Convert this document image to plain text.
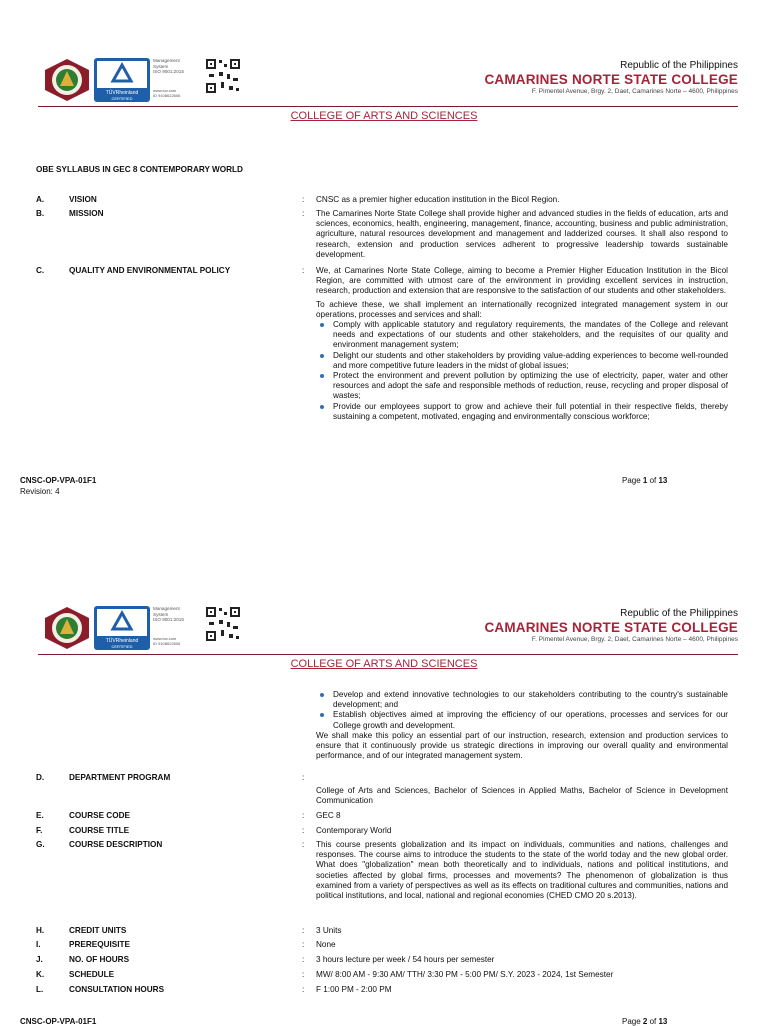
TÜVRheinland
CERTIFIED
Management
System
ISO 9001:2015
www.tuv.com
ID 9108622606
Republic of the Philippines
CAMARINES NORTE STATE COLLEGE
F. Pimentel Avenue, Brgy. 2, Daet, Camarines Norte – 4600, Philippines
COLLEGE OF ARTS AND SCIENCES
OBE SYLLABUS IN GEC 8 CONTEMPORARY WORLD
A.	VISION	: CNSC as a premier higher education institution in the Bicol Region.
B.	MISSION	: The Camarines Norte State College shall provide higher and advanced studies in the fields of education, arts and sciences, economics, health, engineering, management, finance, accounting, business and public administration, agriculture, natural resources development and management and ladderized courses. It shall also respond to research, extension and production services adherent to progressive leadership towards sustainable development.
C.	QUALITY AND ENVIRONMENTAL POLICY	: We, at Camarines Norte State College, aiming to become a Premier Higher Education Institution in the Bicol Region, are committed with utmost care of the environment in providing excellent services in instruction, research, production and extension that are responsive to the satisfaction of our students and other stakeholders.

To achieve these, we shall implement an internationally recognized integrated management system in our operations, processes and services and shall:

Comply with applicable statutory and regulatory requirements, the mandates of the College and relevant needs and expectations of our students and other stakeholders, and the requisites of our quality and environment management system;
Delight our students and other stakeholders by providing value-adding experiences to become well-rounded and more competitive future leaders in the midst of global issues;
Protect the environment and prevent pollution by optimizing the use of electricity, paper, water and other resources and adopt the safe and responsible methods of reduction, reuse, recycling and proper disposal of wastes;
Provide our employees support to grow and achieve their full potential in their respective fields, thereby sustaining a competent, motivated, engaging and environmentally conscious workforce;
CNSC-OP-VPA-01F1
Revision: 4
Page 1 of 13
TÜVRheinland
CERTIFIED
Management
System
ISO 9001:2015
www.tuv.com
ID 9108622606
Republic of the Philippines
CAMARINES NORTE STATE COLLEGE
F. Pimentel Avenue, Brgy. 2, Daet, Camarines Norte – 4600, Philippines
COLLEGE OF ARTS AND SCIENCES
Develop and extend innovative technologies to our stakeholders contributing to the country's sustainable development; and
Establish objectives aimed at improving the efficiency of our operations, processes and services for our College growth and development.

We shall make this policy an essential part of our instruction, research, extension and production services to ensure that it continuously provide us strategic directions in improving our overall quality and environmental performance, and of our integrated management system.

D.	DEPARTMENT PROGRAM	:
College of Arts and Sciences, Bachelor of Sciences in Applied Maths, Bachelor of Science in Development Communication
E.	COURSE CODE	: GEC 8
F.	COURSE TITLE	: Contemporary World
G.	COURSE DESCRIPTION	: This course presents globalization and its impact on individuals, communities and nations, challenges and responses. The course aims to introduce the students to the state of the world today and the new global order. What does "globalization" mean both theoretically and to individuals, nations and political institutions, and societies affected by global firms, processes and movements? The phenomenon of globalization is thus examined from a variety of perspectives as well as its effects on traditional cultures and communities, nations and political institutions, and local, national and regional economies (CHED CMO 20 s.2013).
H.	CREDIT UNITS	: 3 Units
I.	PREREQUISITE	: None
J.	NO. OF HOURS	: 3 hours lecture per week / 54 hours per semester
K.	SCHEDULE	: MW/ 8:00 AM - 9:30 AM/ TTH/ 3:30 PM - 5:00 PM/ S.Y. 2023 - 2024, 1st Semester
L.	CONSULTATION HOURS	: F 1:00 PM - 2:00 PM
CNSC-OP-VPA-01F1	Page 2 of 13
